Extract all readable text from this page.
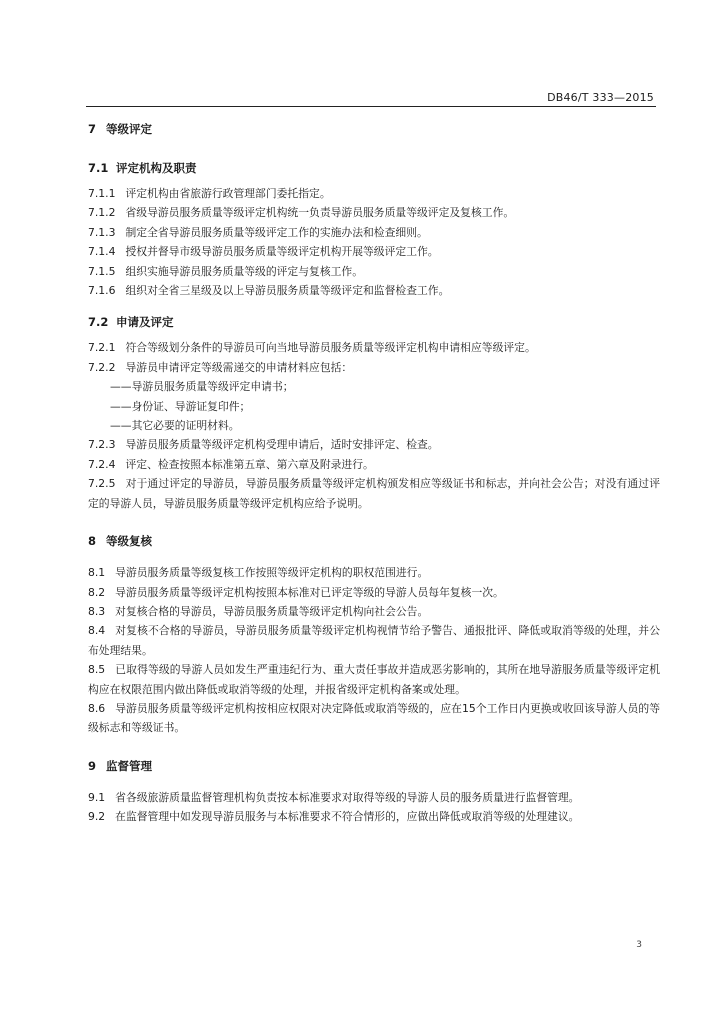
DB46/T 333—2015
7 等级评定
7.1 评定机构及职责
7.1.1 评定机构由省旅游行政管理部门委托指定。
7.1.2 省级导游员服务质量等级评定机构统一负责导游员服务质量等级评定及复核工作。
7.1.3 制定全省导游员服务质量等级评定工作的实施办法和检查细则。
7.1.4 授权并督导市级导游员服务质量等级评定机构开展等级评定工作。
7.1.5 组织实施导游员服务质量等级的评定与复核工作。
7.1.6 组织对全省三星级及以上导游员服务质量等级评定和监督检查工作。
7.2 申请及评定
7.2.1 符合等级划分条件的导游员可向当地导游员服务质量等级评定机构申请相应等级评定。
7.2.2 导游员申请评定等级需递交的申请材料应包括：
——导游员服务质量等级评定申请书；
——身份证、导游证复印件；
——其它必要的证明材料。
7.2.3 导游员服务质量等级评定机构受理申请后，适时安排评定、检查。
7.2.4 评定、检查按照本标准第五章、第六章及附录进行。
7.2.5 对于通过评定的导游员，导游员服务质量等级评定机构颁发相应等级证书和标志，并向社会公告；对没有通过评定的导游人员，导游员服务质量等级评定机构应给予说明。
8 等级复核
8.1 导游员服务质量等级复核工作按照等级评定机构的职权范围进行。
8.2 导游员服务质量等级评定机构按照本标准对已评定等级的导游人员每年复核一次。
8.3 对复核合格的导游员，导游员服务质量等级评定机构向社会公告。
8.4 对复核不合格的导游员，导游员服务质量等级评定机构视情节给予警告、通报批评、降低或取消等级的处理，并公布处理结果。
8.5 已取得等级的导游人员如发生严重违纪行为、重大责任事故并造成恶劣影响的，其所在地导游服务质量等级评定机构应在权限范围内做出降低或取消等级的处理，并报省级评定机构备案或处理。
8.6 导游员服务质量等级评定机构按相应权限对决定降低或取消等级的，应在15个工作日内更换或收回该导游人员的等级标志和等级证书。
9 监督管理
9.1 省各级旅游质量监督管理机构负责按本标准要求对取得等级的导游人员的服务质量进行监督管理。
9.2 在监督管理中如发现导游员服务与本标准要求不符合情形的，应做出降低或取消等级的处理建议。
3
